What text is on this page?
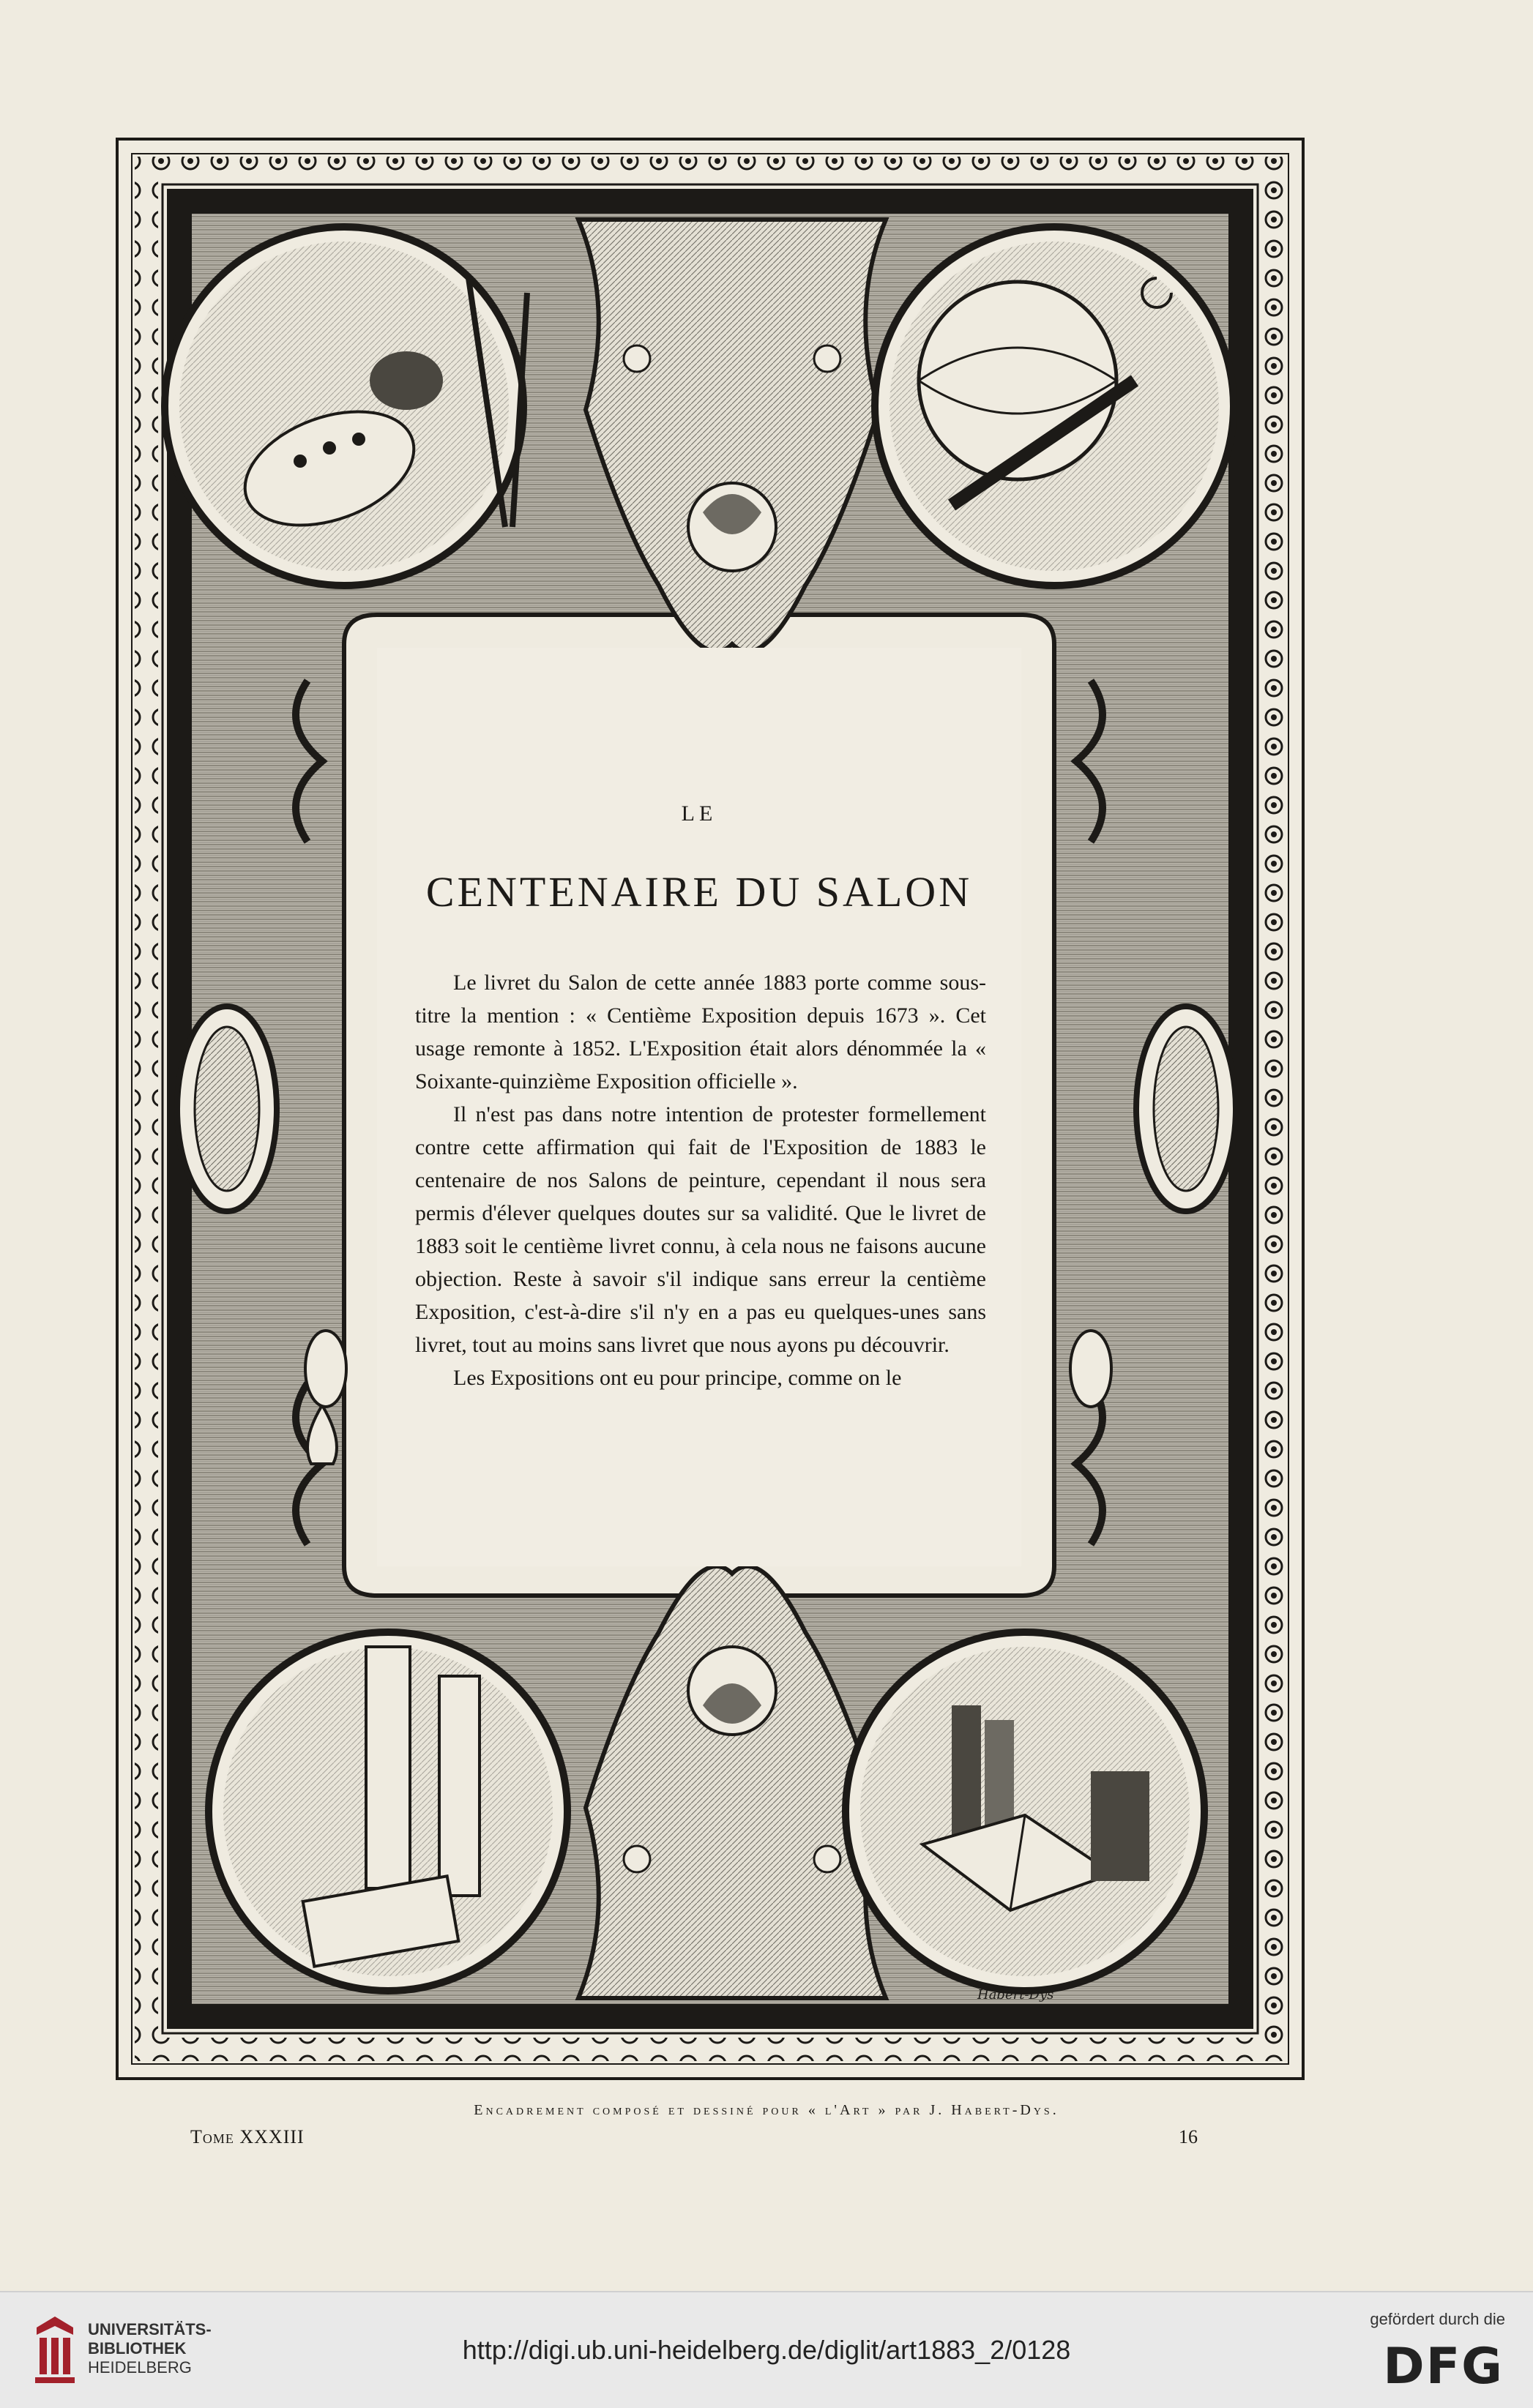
Habert-Dys
LE
CENTENAIRE DU SALON

Le livret du Salon de cette année 1883 porte comme sous-titre la mention : « Centième Exposition depuis 1673 ». Cet usage remonte à 1852. L'Exposition était alors dénommée la « Soixante-quinzième Exposition officielle ».

Il n'est pas dans notre intention de protester formellement contre cette affirmation qui fait de l'Exposition de 1883 le centenaire de nos Salons de peinture, cependant il nous sera permis d'élever quelques doutes sur sa validité. Que le livret de 1883 soit le centième livret connu, à cela nous ne faisons aucune objection. Reste à savoir s'il indique sans erreur la centième Exposition, c'est-à-dire s'il n'y en a pas eu quelques-unes sans livret, tout au moins sans livret que nous ayons pu découvrir.

Les Expositions ont eu pour principe, comme on le

Encadrement composé et dessiné pour « l'Art » par J. Habert-Dys.
Tome XXXIII	16
UNIVERSITÄTS-
BIBLIOTHEK
HEIDELBERG
http://digi.ub.uni-heidelberg.de/diglit/art1883_2/0128
gefördert durch die
DFG
